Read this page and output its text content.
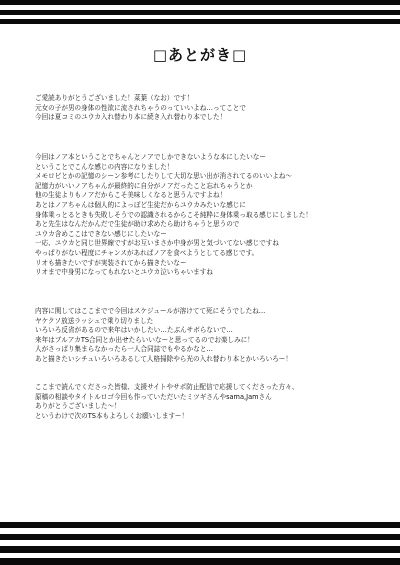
□あとがき□
ご愛読ありがとうございました！菜葉（なお）です！
元女の子が男の身体の性欲に流されちゃうのっていいよね…ってことで
今回は夏コミのユウカ入れ替わり本に続き入れ替わり本でした！
今回はノア本ということでちゃんとノアでしかできないような本にしたいなー
ということでこんな感じの内容になりました！
メモロビとかの記憶のシーン参考にしたりして大切な思い出が消されてるのいいよね〜
記憶力がいいノアちゃんが最終的に自分がノアだったこと忘れちゃうとか
他の生徒よりもノアだからこそ美味しくなると思うんですよね！
あとはノアちゃんは個人的によっぽど生徒だからユウカみたいな感じに
身体乗っとるときも失敗しそうでの認識されるからこそ純粋に身体乗っ取る感じにしました！
あと先生はなんだかんだで生徒が助け求めたら助けちゃうと思うので
ユウカ含めここはできない感じにしたいなー
一応、ユウカと同じ世界線ですがお互いまさか中身が男と気づいてない感じですね
やっぱりがない程度にチャンスがあればノアを食べようとしてる感じです。
リオも描きたいですが実装されてから描きたいなー
リオまで中身男になってもれないとユウカ泣いちゃいますね
内容に関してはここまでで今回はスケジュールが溶けてて死にそうでしたね…
ヤケクソ放送ラッシュで乗り切りました
いろいろ反省があるので来年はいかしたい…たぶんサボらないで…
来年はブルアカTS合同とか出せたらいいなーと思ってるのでお楽しみに！
人がさっぱり集まらなかったら一人合同誌でもやるかなと…
あと描きたいシチュいろいろあるして人格掃除やら光の入れ替わり本とかいろいろー！
ここまで読んでくださった皆様、支援サイトやサポ防止配信で応援してくださった方々、
原稿の相談やタイトルロゴ今回も作っていただいたミツギさんやsama,Jamさん
ありがとうございました〜！
というわけで次のTS本もよろしくお願いしますー！
